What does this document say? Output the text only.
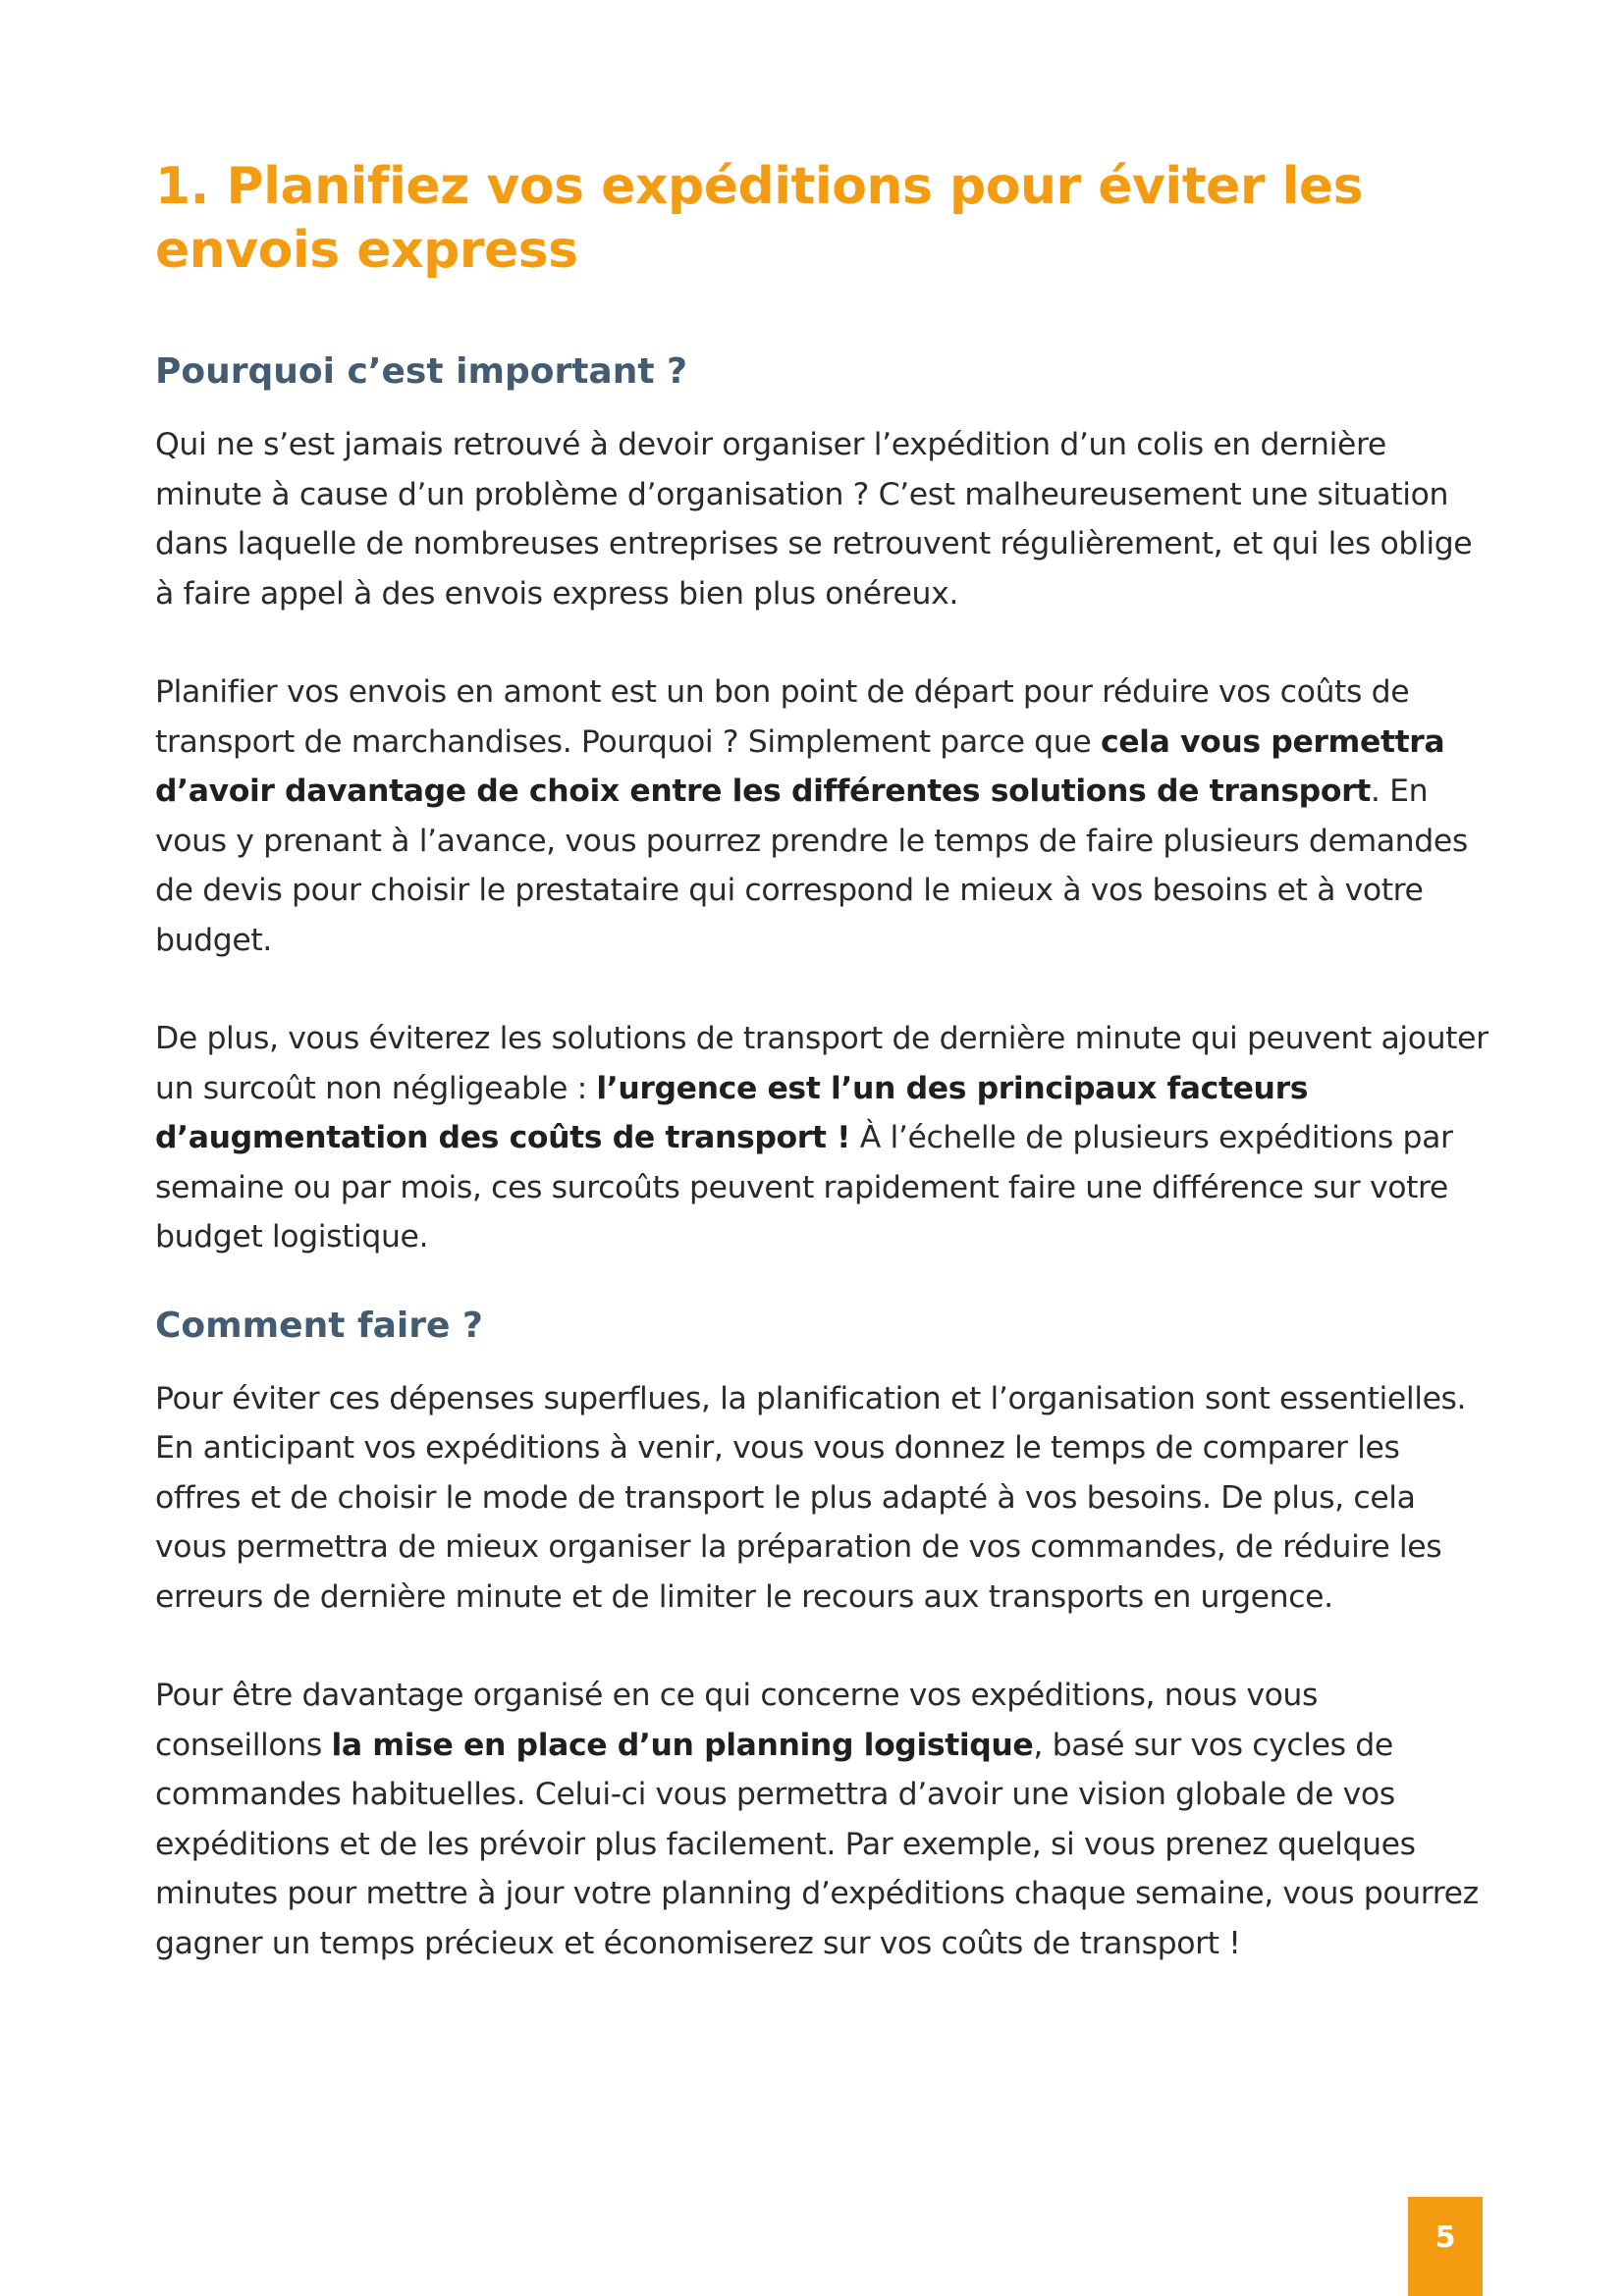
1. Planifiez vos expéditions pour éviter les envois express
Pourquoi c’est important ?

Qui ne s’est jamais retrouvé à devoir organiser l’expédition d’un colis en dernière minute à cause d’un problème d’organisation ? C’est malheureusement une situation dans laquelle de nombreuses entreprises se retrouvent régulièrement, et qui les oblige à faire appel à des envois express bien plus onéreux.

Planifier vos envois en amont est un bon point de départ pour réduire vos coûts de transport de marchandises. Pourquoi ? Simplement parce que cela vous permettra d’avoir davantage de choix entre les différentes solutions de transport. En vous y prenant à l’avance, vous pourrez prendre le temps de faire plusieurs demandes de devis pour choisir le prestataire qui correspond le mieux à vos besoins et à votre budget.

De plus, vous éviterez les solutions de transport de dernière minute qui peuvent ajouter un surcoût non négligeable : l’urgence est l’un des principaux facteurs d’augmentation des coûts de transport ! À l’échelle de plusieurs expéditions par semaine ou par mois, ces surcoûts peuvent rapidement faire une différence sur votre budget logistique.

Comment faire ?

Pour éviter ces dépenses superflues, la planification et l’organisation sont essentielles. En anticipant vos expéditions à venir, vous vous donnez le temps de comparer les offres et de choisir le mode de transport le plus adapté à vos besoins. De plus, cela vous permettra de mieux organiser la préparation de vos commandes, de réduire les erreurs de dernière minute et de limiter le recours aux transports en urgence.

Pour être davantage organisé en ce qui concerne vos expéditions, nous vous conseillons la mise en place d’un planning logistique, basé sur vos cycles de commandes habituelles. Celui-ci vous permettra d’avoir une vision globale de vos expéditions et de les prévoir plus facilement. Par exemple, si vous prenez quelques minutes pour mettre à jour votre planning d’expéditions chaque semaine, vous pourrez gagner un temps précieux et économiserez sur vos coûts de transport !

5
